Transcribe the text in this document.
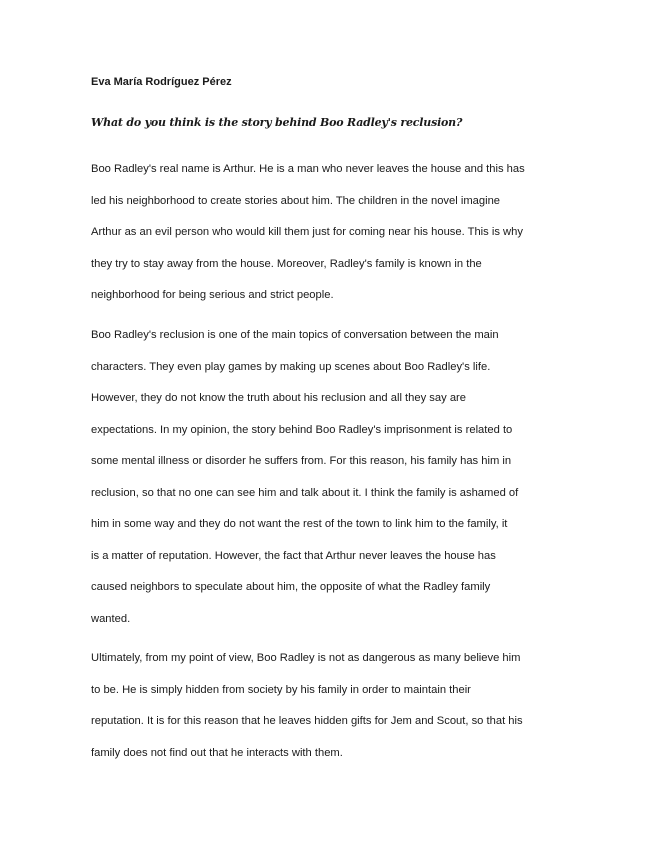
Eva María Rodríguez Pérez
What do you think is the story behind Boo Radley's reclusion?
Boo Radley's real name is Arthur. He is a man who never leaves the house and this has
led his neighborhood to create stories about him. The children in the novel imagine
Arthur as an evil person who would kill them just for coming near his house. This is why
they try to stay away from the house. Moreover, Radley's family is known in the
neighborhood for being serious and strict people.
Boo Radley's reclusion is one of the main topics of conversation between the main
characters. They even play games by making up scenes about Boo Radley's life.
However, they do not know the truth about his reclusion and all they say are
expectations. In my opinion, the story behind Boo Radley's imprisonment is related to
some mental illness or disorder he suffers from. For this reason, his family has him in
reclusion, so that no one can see him and talk about it. I think the family is ashamed of
him in some way and they do not want the rest of the town to link him to the family, it
is a matter of reputation. However, the fact that Arthur never leaves the house has
caused neighbors to speculate about him, the opposite of what the Radley family
wanted.
Ultimately, from my point of view, Boo Radley is not as dangerous as many believe him
to be. He is simply hidden from society by his family in order to maintain their
reputation. It is for this reason that he leaves hidden gifts for Jem and Scout, so that his
family does not find out that he interacts with them.
